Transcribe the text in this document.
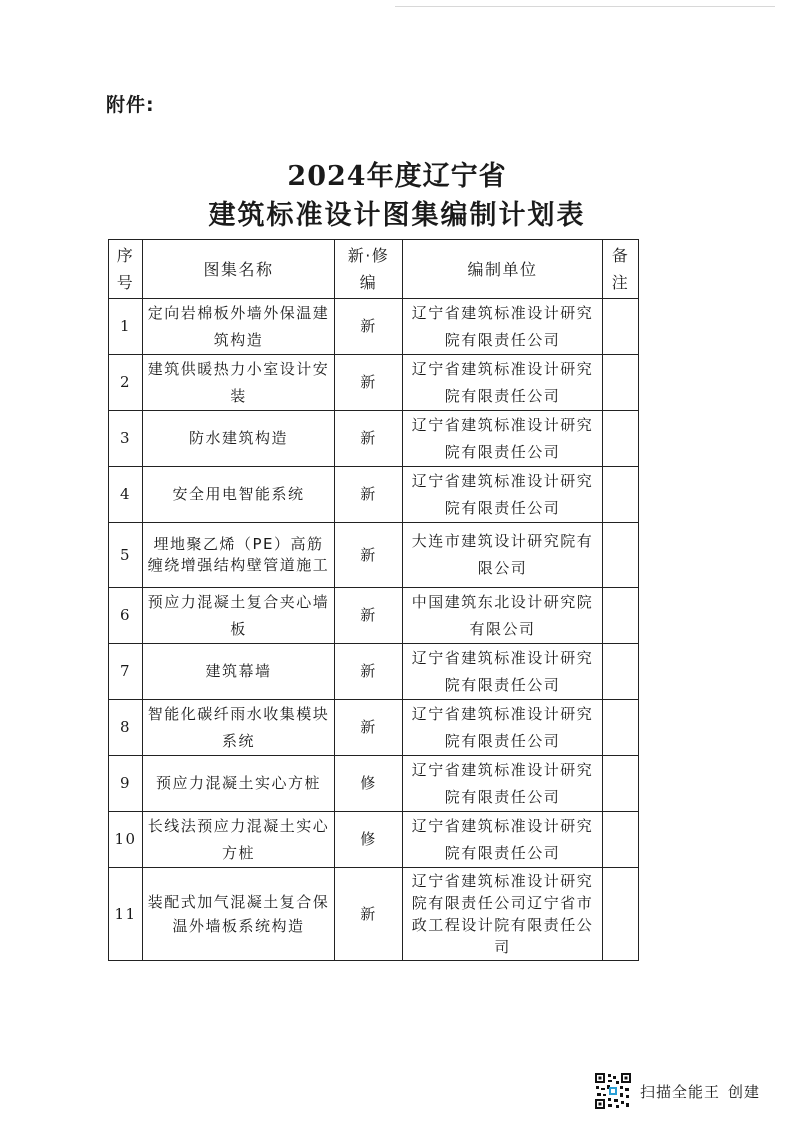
附件:
2024年度辽宁省
建筑标准设计图集编制计划表
序号	图集名称	新·修编	编制单位	备注
1	定向岩棉板外墙外保温建筑构造	新	辽宁省建筑标准设计研究院有限责任公司	
2	建筑供暖热力小室设计安装	新	辽宁省建筑标准设计研究院有限责任公司	
3	防水建筑构造	新	辽宁省建筑标准设计研究院有限责任公司	
4	安全用电智能系统	新	辽宁省建筑标准设计研究院有限责任公司	
5	埋地聚乙烯（PE）高筋缠绕增强结构壁管道施工	新	大连市建筑设计研究院有限公司	
6	预应力混凝土复合夹心墙板	新	中国建筑东北设计研究院有限公司	
7	建筑幕墙	新	辽宁省建筑标准设计研究院有限责任公司	
8	智能化碳纤雨水收集模块系统	新	辽宁省建筑标准设计研究院有限责任公司	
9	预应力混凝土实心方桩	修	辽宁省建筑标准设计研究院有限责任公司	
10	长线法预应力混凝土实心方桩	修	辽宁省建筑标准设计研究院有限责任公司	
11	装配式加气混凝土复合保温外墙板系统构造	新	辽宁省建筑标准设计研究院有限责任公司辽宁省市政工程设计院有限责任公司	
扫描全能王 创建
